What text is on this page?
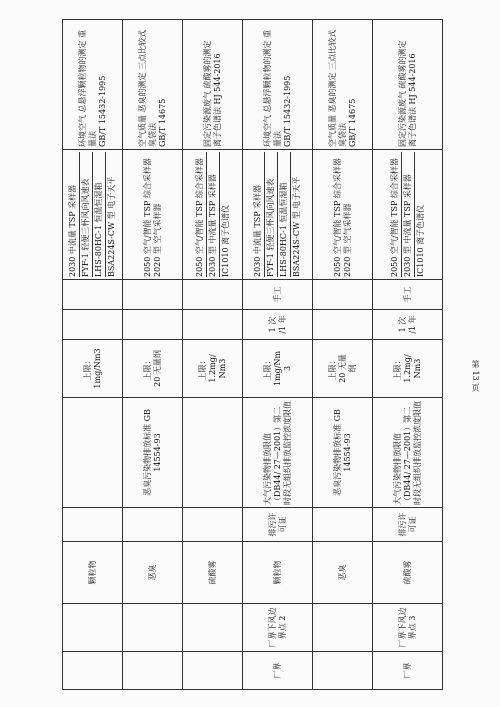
		颗粒物			上限：
1mg/Nm3			2030 中流量 TSP 采样器 FYF-1 轻便三杯风向风速表 LHS-80HC-1 恒温恒湿箱 BSA224S-CW 型 电子天平	环境空气 总悬浮颗粒物的测定 重量法
GB/T 15432-1995
		恶臭		恶臭污染物排放标准 GB 14554-93	上限：
20 无量纲			2050 空气/智能 TSP 综合采样器 2020 型 空气采样器	空气质量 恶臭的测定 三点比较式臭袋法
GB/T 14675
		硫酸雾			上限：
1.2mg/
Nm3			2050 空气/智能 TSP 综合采样器 2030 型 中流量 TSP 采样器 IC1010 离子色谱仪	固定污染源废气 硫酸雾的测定
离子色谱法 HJ 544-2016
厂界	厂界下风边界点 2	颗粒物	排污许可证	大气污染物排放限值（DB44/ 27—2001）第二时段无组织排放监控浓度限值	上限：
1mg/Nm
3	1 次
/1 年	手工	2030 中流量 TSP 采样器 FYF-1 轻便三杯风向风速表 LHS-80HC-1 恒温恒湿箱 BSA224S-CW 型 电子天平	环境空气 总悬浮颗粒物的测定 重量法
GB/T 15432-1995
		恶臭		恶臭污染物排放标准 GB 14554-93	上限：
20 无量
纲			2050 空气/智能 TSP 综合采样器 2020 型 空气采样器	空气质量 恶臭的测定 三点比较式臭袋法
GB/T 14675
厂界	厂界下风边界点 3	硫酸雾	排污许可证	大气污染物排放限值（DB44/ 27—2001）第二时段无组织排放监控浓度限值	上限：
1.2mg/
Nm3	1 次
/1 年	手工	2050 空气/智能 TSP 综合采样器 2030 型 中流量 TSP 采样器 IC1010 离子色谱仪	固定污染源废气 硫酸雾的测定
离子色谱法 HJ 544-2016
第 13 页
